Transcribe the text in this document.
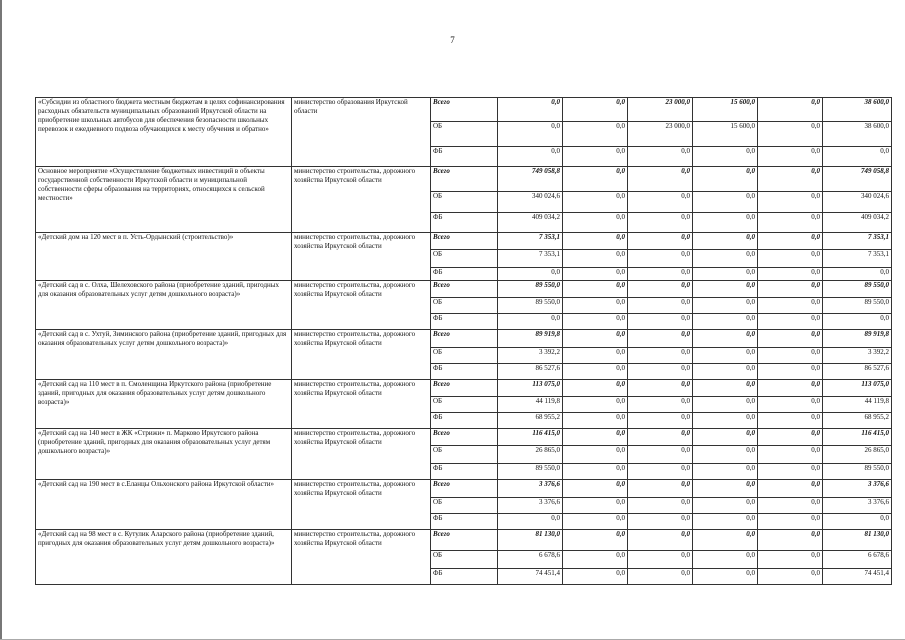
7
«Субсидии из областного бюджета местным бюджетам в целях софинансирования расходных обязательств муниципальных образований Иркутской области на приобретение школьных автобусов для обеспечения безопасности школьных перевозок и ежедневного подвоза обучающихся к месту обучения и обратно»	министерство образования Иркутской области	Всего	0,0	0,0	23 000,0	15 600,0	0,0	38 600,0
		ОБ	0,0	0,0	23 000,0	15 600,0	0,0	38 600,0
		ФБ	0,0	0,0	0,0	0,0	0,0	0,0
Основное мероприятие «Осуществление бюджетных инвестиций в объекты государственной собственности Иркутской области и муниципальной собственности сферы образования на территориях, относящихся к сельской местности»	министерство строительства, дорожного хозяйства Иркутской области	Всего	749 058,8	0,0	0,0	0,0	0,0	749 058,8
		ОБ	340 024,6	0,0	0,0	0,0	0,0	340 024,6
		ФБ	409 034,2	0,0	0,0	0,0	0,0	409 034,2
«Детский дом на 120 мест в п. Усть-Ордынский (строительство)»	министерство строительства, дорожного хозяйства Иркутской области	Всего	7 353,1	0,0	0,0	0,0	0,0	7 353,1
		ОБ	7 353,1	0,0	0,0	0,0	0,0	7 353,1
		ФБ	0,0	0,0	0,0	0,0	0,0	0,0
«Детский сад в с. Олха, Шелеховского района (приобретение зданий, пригодных для оказания образовательных услуг детям дошкольного возраста)»	министерство строительства, дорожного хозяйства Иркутской области	Всего	89 550,0	0,0	0,0	0,0	0,0	89 550,0
		ОБ	89 550,0	0,0	0,0	0,0	0,0	89 550,0
		ФБ	0,0	0,0	0,0	0,0	0,0	0,0
«Детский сад в с. Ухтуй, Зиминского района (приобретение зданий, пригодных для оказания образовательных услуг детям дошкольного возраста)»	министерство строительства, дорожного хозяйства Иркутской области	Всего	89 919,8	0,0	0,0	0,0	0,0	89 919,8
		ОБ	3 392,2	0,0	0,0	0,0	0,0	3 392,2
		ФБ	86 527,6	0,0	0,0	0,0	0,0	86 527,6
«Детский сад на 110 мест в п. Смоленщина Иркутского района (приобретение зданий, пригодных для оказания образовательных услуг детям дошкольного возраста)»	министерство строительства, дорожного хозяйства Иркутской области	Всего	113 075,0	0,0	0,0	0,0	0,0	113 075,0
		ОБ	44 119,8	0,0	0,0	0,0	0,0	44 119,8
		ФБ	68 955,2	0,0	0,0	0,0	0,0	68 955,2
«Детский сад на 140 мест в ЖК «Стрижи» п. Марково Иркутского района (приобретение зданий, пригодных для оказания образовательных услуг детям дошкольного возраста)»	министерство строительства, дорожного хозяйства Иркутской области	Всего	116 415,0	0,0	0,0	0,0	0,0	116 415,0
		ОБ	26 865,0	0,0	0,0	0,0	0,0	26 865,0
		ФБ	89 550,0	0,0	0,0	0,0	0,0	89 550,0
«Детский сад на 190 мест в с.Еланцы Ольхонского района Иркутской области»	министерство строительства, дорожного хозяйства Иркутской области	Всего	3 376,6	0,0	0,0	0,0	0,0	3 376,6
		ОБ	3 376,6	0,0	0,0	0,0	0,0	3 376,6
		ФБ	0,0	0,0	0,0	0,0	0,0	0,0
«Детский сад на 98 мест в с. Кутулик Аларского района (приобретение зданий, пригодных для оказания образовательных услуг детям дошкольного возраста)»	министерство строительства, дорожного хозяйства Иркутской области	Всего	81 130,0	0,0	0,0	0,0	0,0	81 130,0
		ОБ	6 678,6	0,0	0,0	0,0	0,0	6 678,6
		ФБ	74 451,4	0,0	0,0	0,0	0,0	74 451,4
